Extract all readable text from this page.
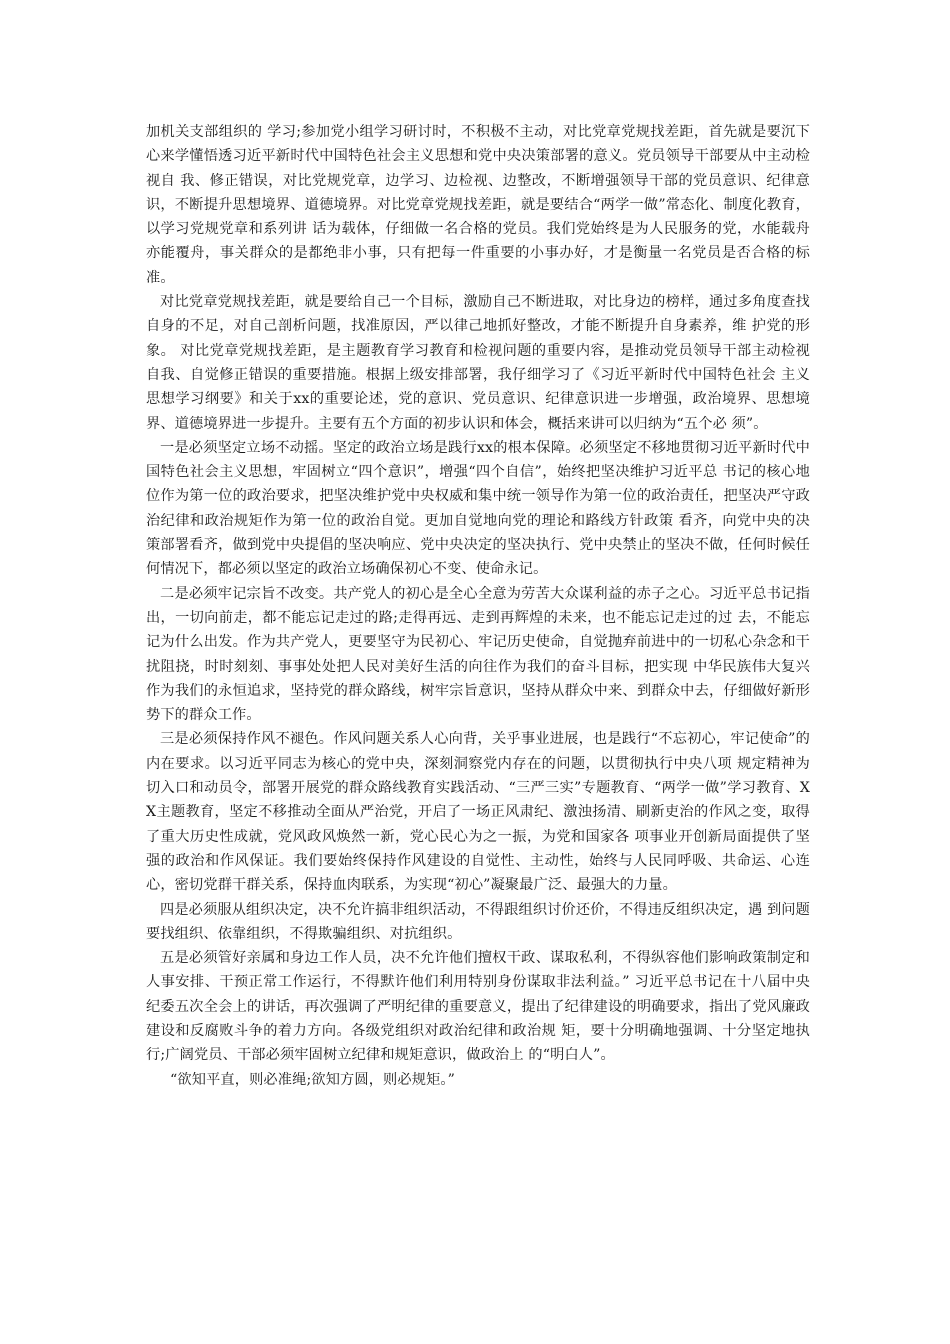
加机关支部组织的 学习;参加党小组学习研讨时，不积极不主动，对比党章党规找差距，首先就是要沉下心来学懂悟透习近平新时代中国特色社会主义思想和党中央决策部署的意义。党员领导干部要从中主动检视自 我、修正错误，对比党规党章，边学习、边检视、边整改，不断增强领导干部的党员意识、纪律意识，不断提升思想境界、道德境界。对比党章党规找差距，就是要结合“两学一做”常态化、制度化教育，以学习党规党章和系列讲 话为载体，仔细做一名合格的党员。我们党始终是为人民服务的党，水能载舟亦能覆舟，事关群众的是都绝非小事，只有把每一件重要的小事办好，才是衡量一名党员是否合格的标准。

对比党章党规找差距，就是要给自己一个目标，激励自己不断进取，对比身边的榜样，通过多角度查找自身的不足，对自己剖析问题，找准原因，严以律己地抓好整改，才能不断提升自身素养，维 护党的形象。 对比党章党规找差距，是主题教育学习教育和检视问题的重要内容，是推动党员领导干部主动检视自我、自觉修正错误的重要措施。根据上级安排部署，我仔细学习了《习近平新时代中国特色社会 主义思想学习纲要》和关于xx的重要论述，党的意识、党员意识、纪律意识进一步增强，政治境界、思想境界、道德境界进一步提升。主要有五个方面的初步认识和体会，概括来讲可以归纳为“五个必 须”。

一是必须坚定立场不动摇。坚定的政治立场是践行xx的根本保障。必须坚定不移地贯彻习近平新时代中国特色社会主义思想，牢固树立“四个意识”，增强“四个自信”，始终把坚决维护习近平总 书记的核心地位作为第一位的政治要求，把坚决维护党中央权威和集中统一领导作为第一位的政治责任，把坚决严守政治纪律和政治规矩作为第一位的政治自觉。更加自觉地向党的理论和路线方针政策 看齐，向党中央的决策部署看齐，做到党中央提倡的坚决响应、党中央决定的坚决执行、党中央禁止的坚决不做，任何时候任何情况下，都必须以坚定的政治立场确保初心不变、使命永记。

二是必须牢记宗旨不改变。共产党人的初心是全心全意为劳苦大众谋利益的赤子之心。习近平总书记指出，一切向前走，都不能忘记走过的路;走得再远、走到再辉煌的未来，也不能忘记走过的过 去，不能忘记为什么出发。作为共产党人，更要坚守为民初心、牢记历史使命，自觉抛弃前进中的一切私心杂念和干扰阻挠，时时刻刻、事事处处把人民对美好生活的向往作为我们的奋斗目标，把实现 中华民族伟大复兴作为我们的永恒追求，坚持党的群众路线，树牢宗旨意识，坚持从群众中来、到群众中去，仔细做好新形势下的群众工作。

三是必须保持作风不褪色。作风问题关系人心向背，关乎事业进展，也是践行“不忘初心，牢记使命”的内在要求。以习近平同志为核心的党中央，深刻洞察党内存在的问题，以贯彻执行中央八项 规定精神为切入口和动员令，部署开展党的群众路线教育实践活动、“三严三实”专题教育、“两学一做”学习教育、XX主题教育，坚定不移推动全面从严治党，开启了一场正风肃纪、激浊扬清、刷新吏治的作风之变，取得了重大历史性成就，党风政风焕然一新，党心民心为之一振，为党和国家各 项事业开创新局面提供了坚强的政治和作风保证。我们要始终保持作风建设的自觉性、主动性，始终与人民同呼吸、共命运、心连心，密切党群干群关系，保持血肉联系，为实现“初心”凝聚最广泛、最强大的力量。

四是必须服从组织决定，决不允许搞非组织活动，不得跟组织讨价还价，不得违反组织决定，遇 到问题要找组织、依靠组织，不得欺骗组织、对抗组织。

五是必须管好亲属和身边工作人员，决不允许他们擅权干政、谋取私利，不得纵容他们影响政策制定和人事安排、干预正常工作运行，不得默许他们利用特别身份谋取非法利益。” 习近平总书记在十八届中央纪委五次全会上的讲话，再次强调了严明纪律的重要意义，提出了纪律建设的明确要求，指出了党风廉政建设和反腐败斗争的着力方向。各级党组织对政治纪律和政治规 矩，要十分明确地强调、十分坚定地执行;广阔党员、干部必须牢固树立纪律和规矩意识，做政治上 的“明白人”。

“欲知平直，则必准绳;欲知方圆，则必规矩。”
